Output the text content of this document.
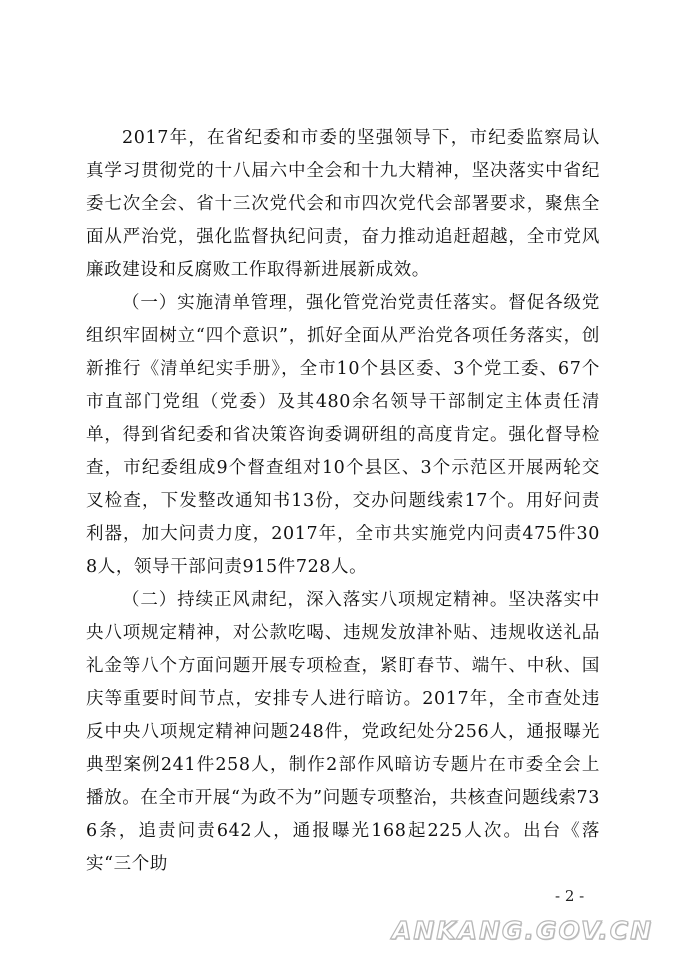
2017年，在省纪委和市委的坚强领导下，市纪委监察局认真学习贯彻党的十八届六中全会和十九大精神，坚决落实中省纪委七次全会、省十三次党代会和市四次党代会部署要求，聚焦全面从严治党，强化监督执纪问责，奋力推动追赶超越，全市党风廉政建设和反腐败工作取得新进展新成效。

（一）实施清单管理，强化管党治党责任落实。督促各级党组织牢固树立“四个意识”，抓好全面从严治党各项任务落实，创新推行《清单纪实手册》，全市10个县区委、3个党工委、67个市直部门党组（党委）及其480余名领导干部制定主体责任清单，得到省纪委和省决策咨询委调研组的高度肯定。强化督导检查，市纪委组成9个督查组对10个县区、3个示范区开展两轮交叉检查，下发整改通知书13份，交办问题线索17个。用好问责利器，加大问责力度，2017年，全市共实施党内问责475件308人，领导干部问责915件728人。

（二）持续正风肃纪，深入落实八项规定精神。坚决落实中央八项规定精神，对公款吃喝、违规发放津补贴、违规收送礼品礼金等八个方面问题开展专项检查，紧盯春节、端午、中秋、国庆等重要时间节点，安排专人进行暗访。2017年，全市查处违反中央八项规定精神问题248件，党政纪处分256人，通报曝光典型案例241件258人，制作2部作风暗访专题片在市委全会上播放。在全市开展“为政不为”问题专项整治，共核查问题线索736条，追责问责642人，通报曝光168起225人次。出台《落实“三个助

- 2 -
ANKANG.GOV.CN
